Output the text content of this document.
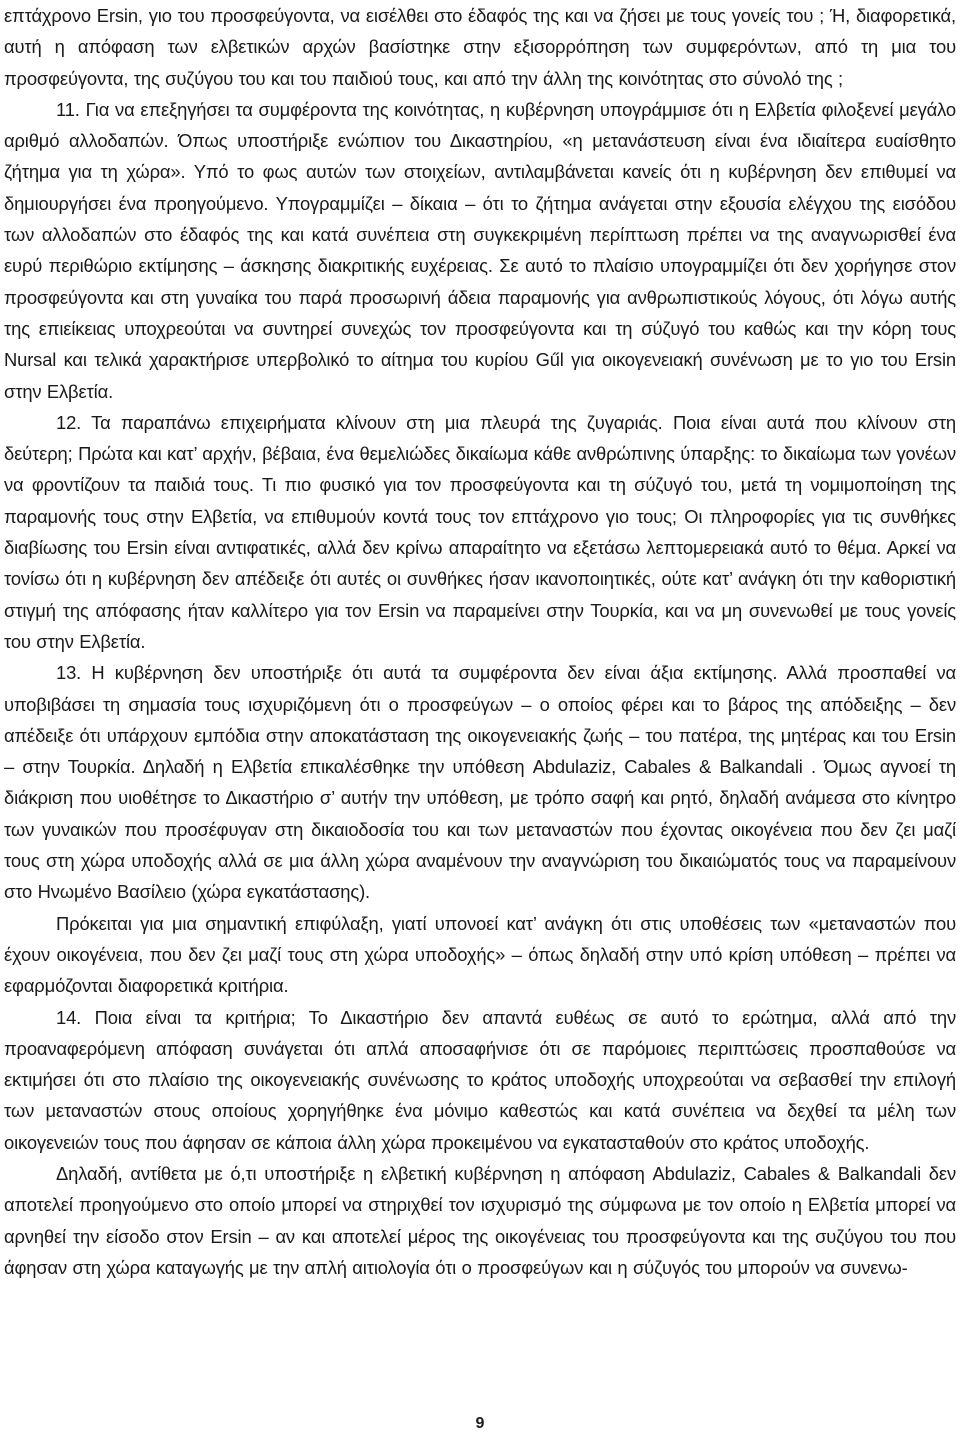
επτάχρονο Ersin, γιο του προσφεύγοντα, να εισέλθει στο έδαφός της και να ζήσει με τους γονείς του ; Ή, διαφορετικά, αυτή η απόφαση των ελβετικών αρχών βασίστηκε στην εξισορρόπηση των συμφερόντων, από τη μια του προσφεύγοντα, της συζύγου του και του παιδιού τους, και από την άλλη της κοινότητας στο σύνολό της ;

11. Για να επεξηγήσει τα συμφέροντα της κοινότητας, η κυβέρνηση υπογράμμισε ότι η Ελβετία φιλοξενεί μεγάλο αριθμό αλλοδαπών. Όπως υποστήριξε ενώπιον του Δικαστηρίου, «η μετανάστευση είναι ένα ιδιαίτερα ευαίσθητο ζήτημα για τη χώρα». Υπό το φως αυτών των στοιχείων, αντιλαμβάνεται κανείς ότι η κυβέρνηση δεν επιθυμεί να δημιουργήσει ένα προηγούμενο. Υπογραμμίζει – δίκαια – ότι το ζήτημα ανάγεται στην εξουσία ελέγχου της εισόδου των αλλοδαπών στο έδαφός της και κατά συνέπεια στη συγκεκριμένη περίπτωση πρέπει να της αναγνωρισθεί ένα ευρύ περιθώριο εκτίμησης – άσκησης διακριτικής ευχέρειας. Σε αυτό το πλαίσιο υπογραμμίζει ότι δεν χορήγησε στον προσφεύγοντα και στη γυναίκα του παρά προσωρινή άδεια παραμονής για ανθρωπιστικούς λόγους, ότι λόγω αυτής της επιείκειας υποχρεούται να συντηρεί συνεχώς τον προσφεύγοντα και τη σύζυγό του καθώς και την κόρη τους Nursal και τελικά χαρακτήρισε υπερβολικό το αίτημα του κυρίου Gűl για οικογενειακή συνένωση με το γιο του Ersin στην Ελβετία.

12. Τα παραπάνω επιχειρήματα κλίνουν στη μια πλευρά της ζυγαριάς. Ποια είναι αυτά που κλίνουν στη δεύτερη; Πρώτα και κατ’ αρχήν, βέβαια, ένα θεμελιώδες δικαίωμα κάθε ανθρώπινης ύπαρξης: το δικαίωμα των γονέων να φροντίζουν τα παιδιά τους. Τι πιο φυσικό για τον προσφεύγοντα και τη σύζυγό του, μετά τη νομιμοποίηση της παραμονής τους στην Ελβετία, να επιθυμούν κοντά τους τον επτάχρονο γιο τους; Οι πληροφορίες για τις συνθήκες διαβίωσης του Ersin είναι αντιφατικές, αλλά δεν κρίνω απαραίτητο να εξετάσω λεπτομερειακά αυτό το θέμα. Αρκεί να τονίσω ότι η κυβέρνηση δεν απέδειξε ότι αυτές οι συνθήκες ήσαν ικανοποιητικές, ούτε κατ’ ανάγκη ότι την καθοριστική στιγμή της απόφασης ήταν καλλίτερο για τον Ersin να παραμείνει στην Τουρκία, και να μη συνενωθεί με τους γονείς του στην Ελβετία.

13. Η κυβέρνηση δεν υποστήριξε ότι αυτά τα συμφέροντα δεν είναι άξια εκτίμησης. Αλλά προσπαθεί να υποβιβάσει τη σημασία τους ισχυριζόμενη ότι ο προσφεύγων – ο οποίος φέρει και το βάρος της απόδειξης – δεν απέδειξε ότι υπάρχουν εμπόδια στην αποκατάσταση της οικογενειακής ζωής – του πατέρα, της μητέρας και του Ersin – στην Τουρκία. Δηλαδή η Ελβετία επικαλέσθηκε την υπόθεση Abdulaziz, Cabales & Balkandali . Όμως αγνοεί τη διάκριση που υιοθέτησε το Δικαστήριο σ’ αυτήν την υπόθεση, με τρόπο σαφή και ρητό, δηλαδή ανάμεσα στο κίνητρο των γυναικών που προσέφυγαν στη δικαιοδοσία του και των μεταναστών που έχοντας οικογένεια που δεν ζει μαζί τους στη χώρα υποδοχής αλλά σε μια άλλη χώρα αναμένουν την αναγνώριση του δικαιώματός τους να παραμείνουν στο Ηνωμένο Βασίλειο (χώρα εγκατάστασης).

Πρόκειται για μια σημαντική επιφύλαξη, γιατί υπονοεί κατ’ ανάγκη ότι στις υποθέσεις των «μεταναστών που έχουν οικογένεια, που δεν ζει μαζί τους στη χώρα υποδοχής» – όπως δηλαδή στην υπό κρίση υπόθεση – πρέπει να εφαρμόζονται διαφορετικά κριτήρια.

14. Ποια είναι τα κριτήρια; Το Δικαστήριο δεν απαντά ευθέως σε αυτό το ερώτημα, αλλά από την προαναφερόμενη απόφαση συνάγεται ότι απλά αποσαφήνισε ότι σε παρόμοιες περιπτώσεις προσπαθούσε να εκτιμήσει ότι στο πλαίσιο της οικογενειακής συνένωσης το κράτος υποδοχής υποχρεούται να σεβασθεί την επιλογή των μεταναστών στους οποίους χορηγήθηκε ένα μόνιμο καθεστώς και κατά συνέπεια να δεχθεί τα μέλη των οικογενειών τους που άφησαν σε κάποια άλλη χώρα προκειμένου να εγκατασταθούν στο κράτος υποδοχής.

Δηλαδή, αντίθετα με ό,τι υποστήριξε η ελβετική κυβέρνηση η απόφαση Abdulaziz, Cabales & Balkandali δεν αποτελεί προηγούμενο στο οποίο μπορεί να στηριχθεί τον ισχυρισμό της σύμφωνα με τον οποίο η Ελβετία μπορεί να αρνηθεί την είσοδο στον Ersin – αν και αποτελεί μέρος της οικογένειας του προσφεύγοντα και της συζύγου του που άφησαν στη χώρα καταγωγής με την απλή αιτιολογία ότι ο προσφεύγων και η σύζυγός του μπορούν να συνενω-

9
